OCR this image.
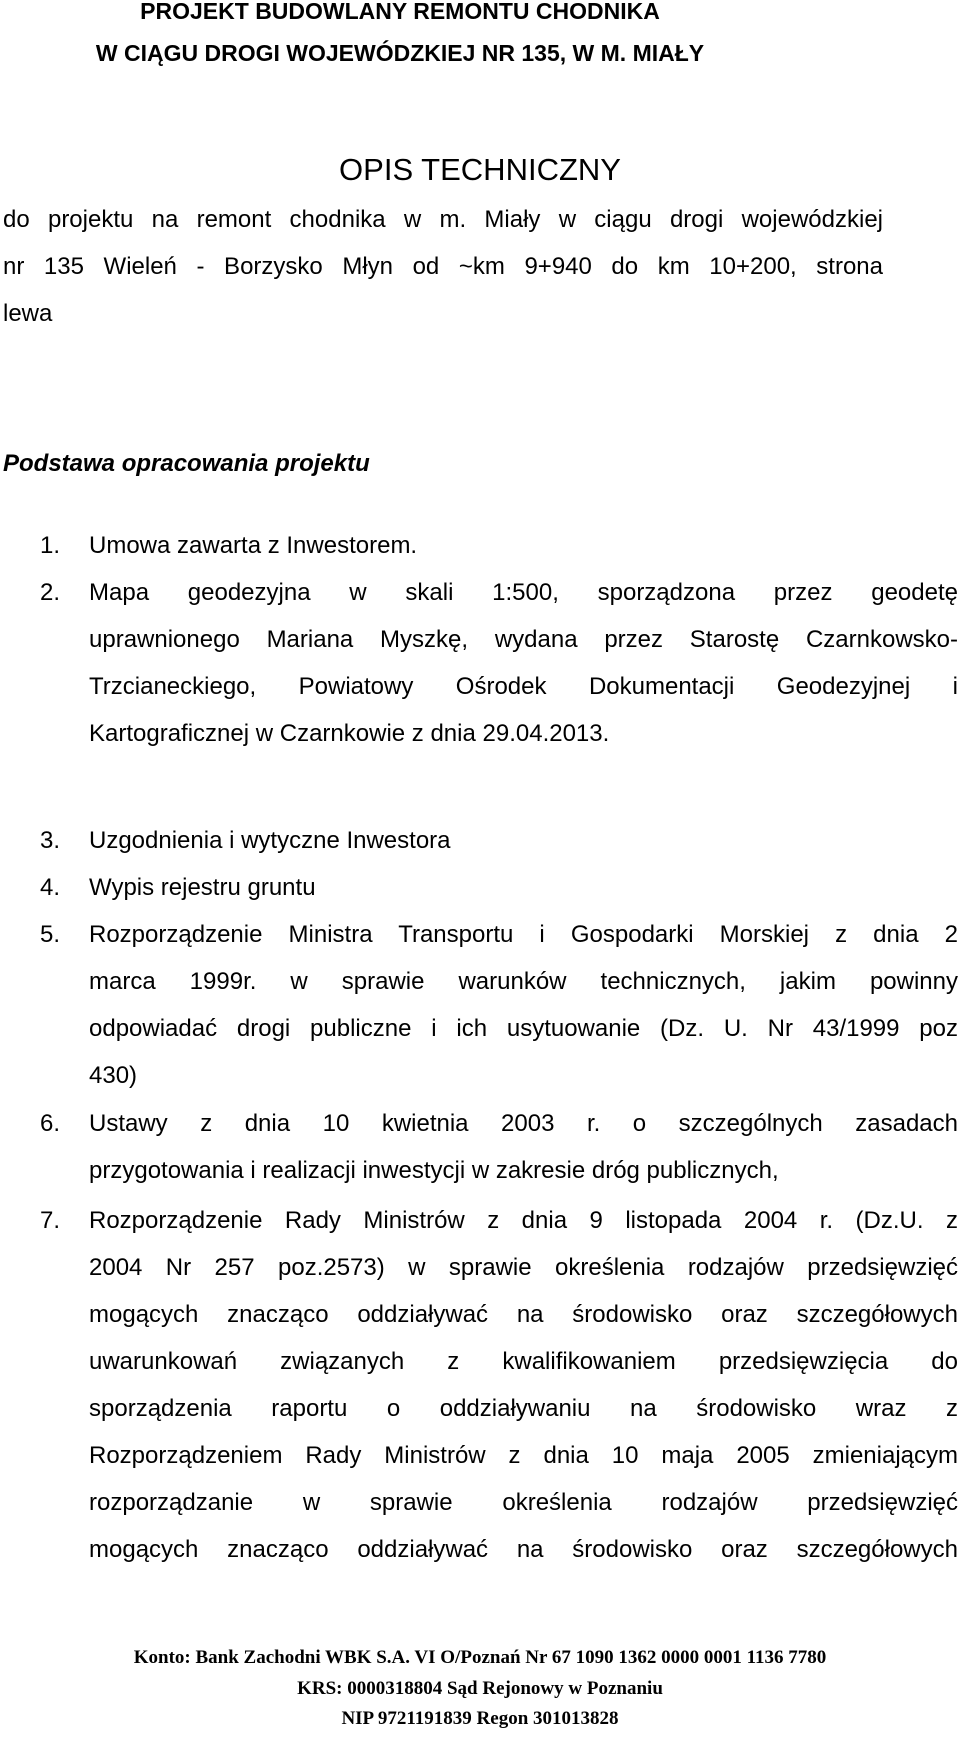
PROJEKT BUDOWLANY REMONTU CHODNIKA
W CIĄGU DROGI WOJEWÓDZKIEJ NR 135, W M. MIAŁY
OPIS TECHNICZNY
do projektu na remont chodnika w m. Miały w ciągu drogi wojewódzkiej
nr 135 Wieleń - Borzysko Młyn od ~km 9+940 do km 10+200, strona
lewa
Podstawa opracowania projektu
1. Umowa zawarta z Inwestorem.
2. Mapa geodezyjna w skali 1:500, sporządzona przez geodetę
uprawnionego Mariana Myszkę, wydana przez Starostę Czarnkowsko-
Trzcianeckiego, Powiatowy Ośrodek Dokumentacji Geodezyjnej i
Kartograficznej w Czarnkowie z dnia 29.04.2013.
3. Uzgodnienia i wytyczne Inwestora
4. Wypis rejestru gruntu
5. Rozporządzenie Ministra Transportu i Gospodarki Morskiej z dnia 2
marca 1999r. w sprawie warunków technicznych, jakim powinny
odpowiadać drogi publiczne i ich usytuowanie (Dz. U. Nr 43/1999 poz
430)
6. Ustawy z dnia 10 kwietnia 2003 r. o szczególnych zasadach
przygotowania i realizacji inwestycji w zakresie dróg publicznych,
7. Rozporządzenie Rady Ministrów z dnia 9 listopada 2004 r. (Dz.U. z
2004 Nr 257 poz.2573) w sprawie określenia rodzajów przedsięwzięć
mogących znacząco oddziaływać na środowisko oraz szczegółowych
uwarunkowań związanych z kwalifikowaniem przedsięwzięcia do
sporządzenia raportu o oddziaływaniu na środowisko wraz z
Rozporządzeniem Rady Ministrów z dnia 10 maja 2005 zmieniającym
rozporządzanie w sprawie określenia rodzajów przedsięwzięć
mogących znacząco oddziaływać na środowisko oraz szczegółowych
Konto: Bank Zachodni WBK S.A. VI O/Poznań Nr 67 1090 1362 0000 0001 1136 7780
KRS: 0000318804 Sąd Rejonowy w Poznaniu
NIP 9721191839 Regon 301013828
